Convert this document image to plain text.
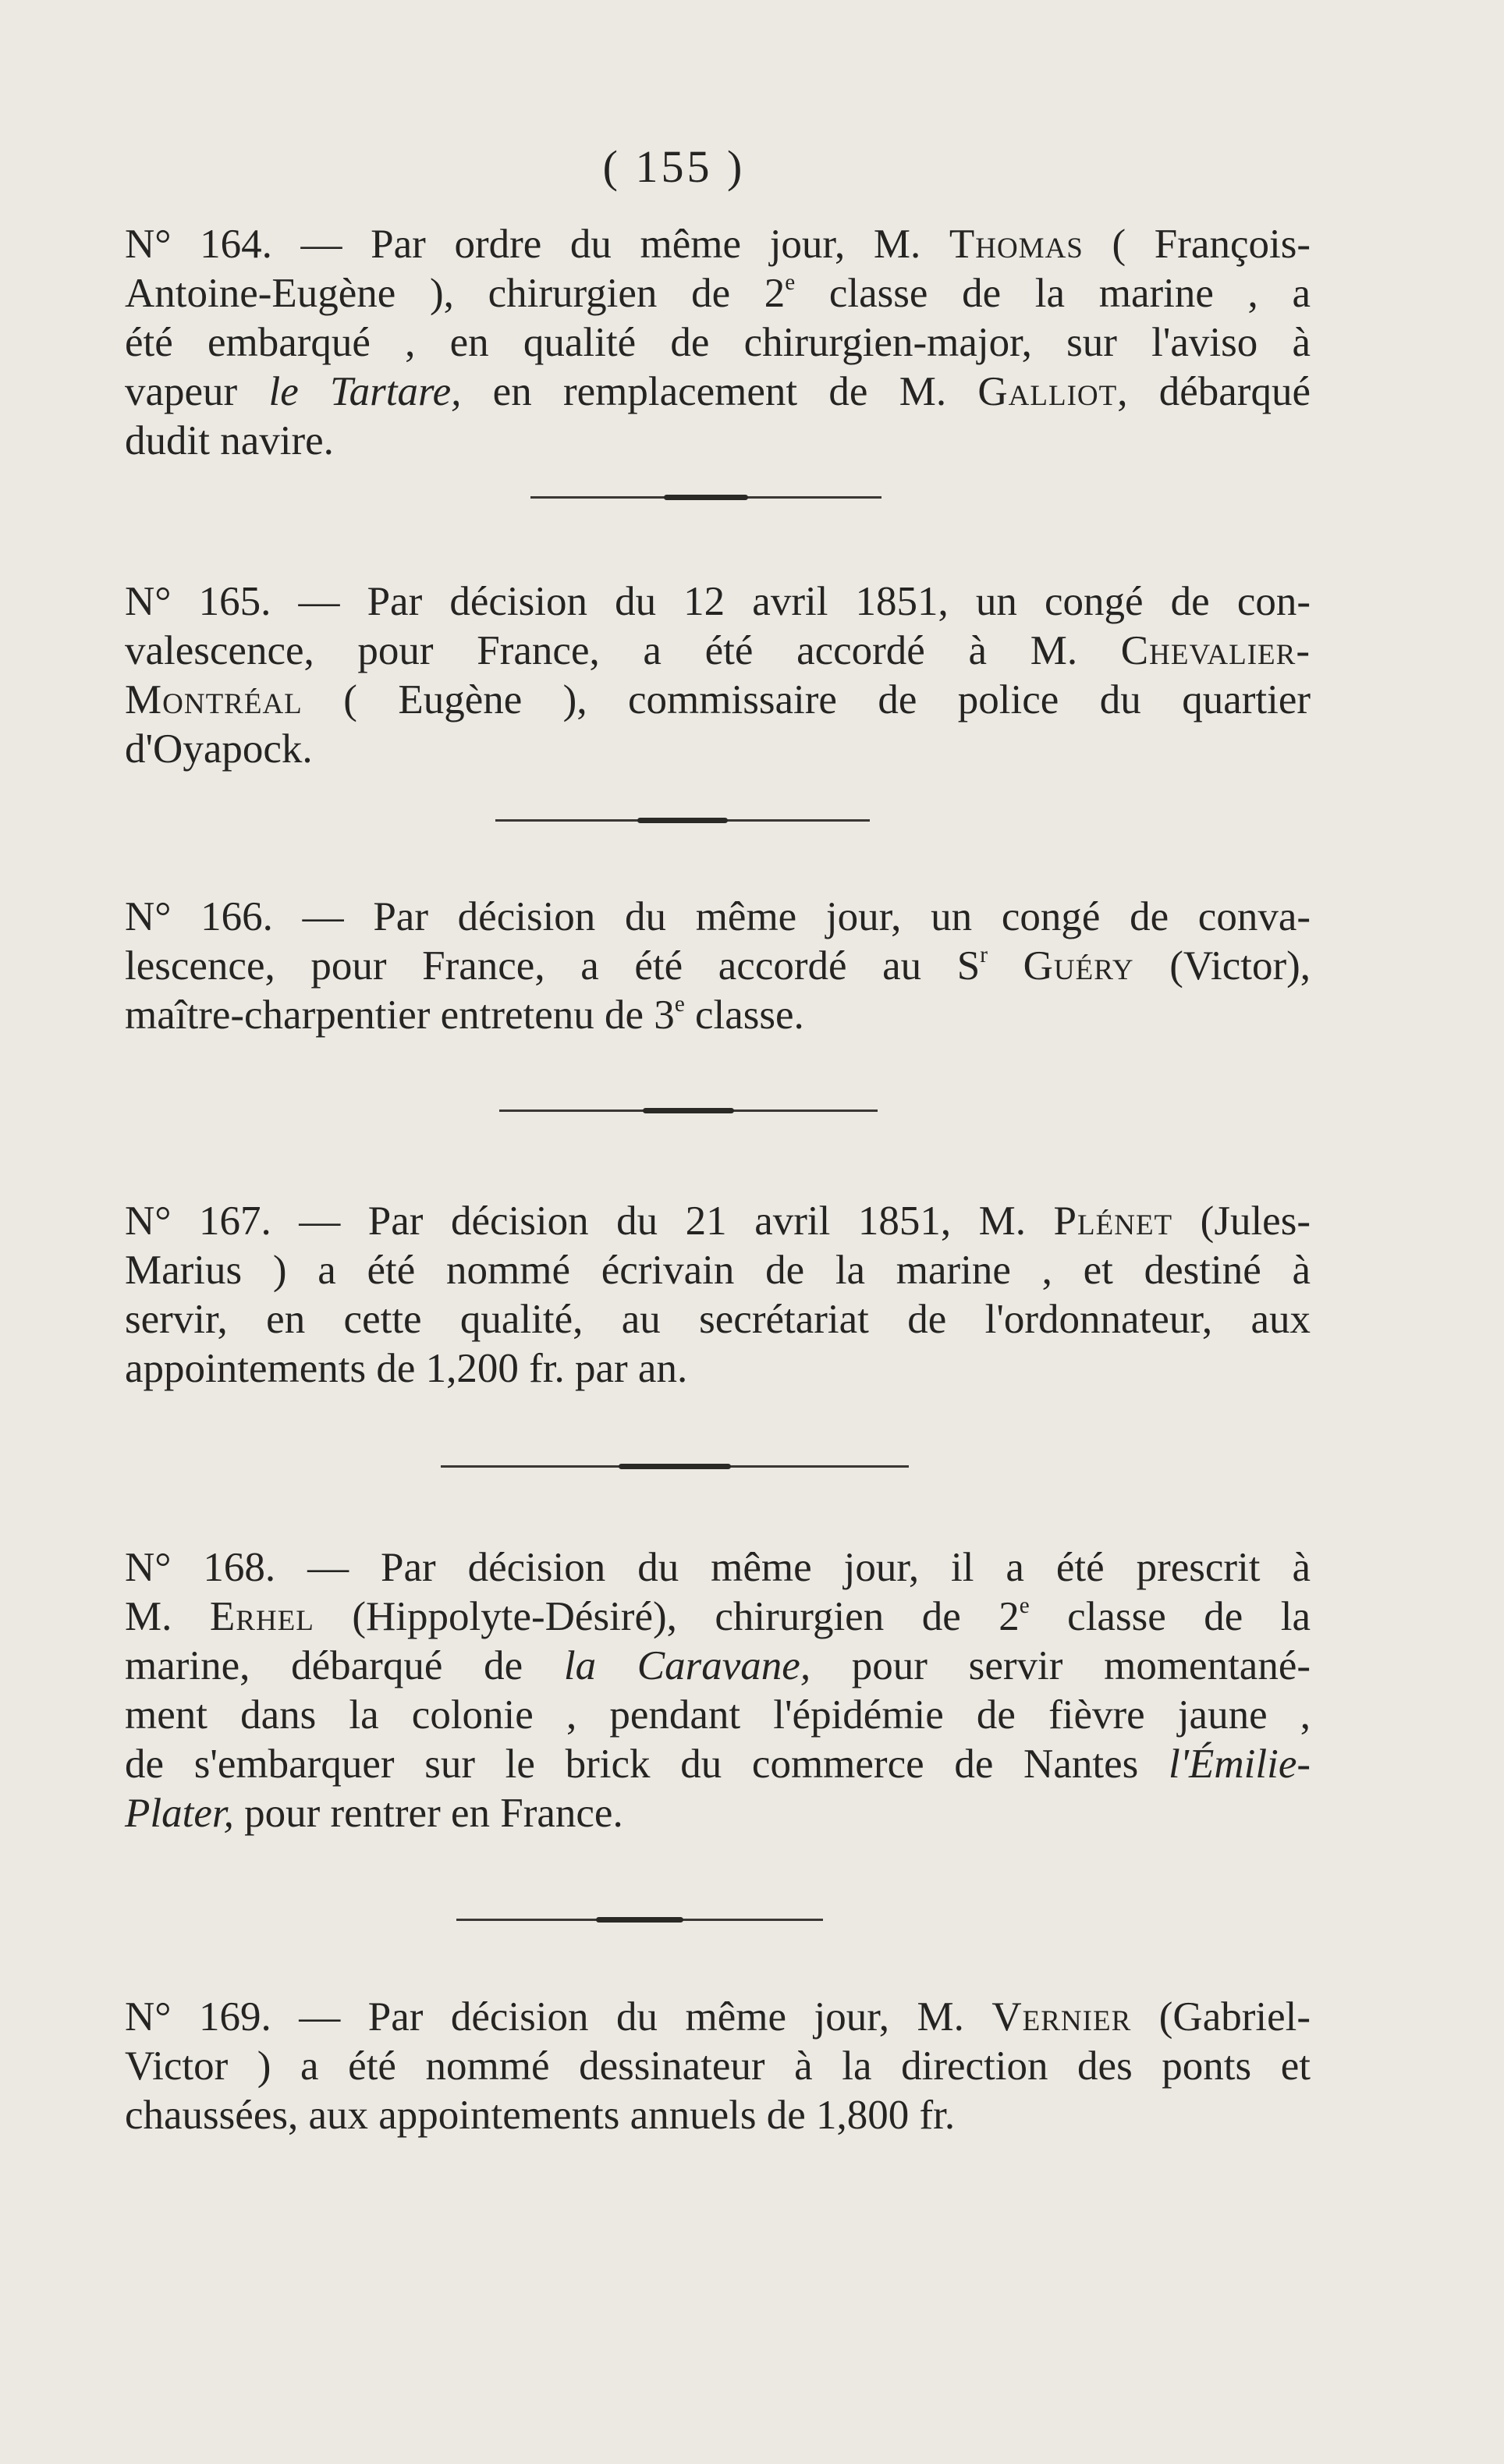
( 155 )
N° 164. — Par ordre du même jour, M. Thomas ( François-
Antoine-Eugène ), chirurgien de 2e classe de la marine , a
été embarqué , en qualité de chirurgien-major, sur l'aviso à
vapeur le Tartare, en remplacement de M. Galliot, débarqué
dudit navire.
N° 165. — Par décision du 12 avril 1851, un congé de con-
valescence, pour France, a été accordé à M. Chevalier-
Montréal ( Eugène ), commissaire de police du quartier
d'Oyapock.
N° 166. — Par décision du même jour, un congé de conva-
lescence, pour France, a été accordé au $S^r$ Guéry (Victor),
maître-charpentier entretenu de 3e classe.
N° 167. — Par décision du 21 avril 1851, M. Plénet (Jules-
Marius ) a été nommé écrivain de la marine , et destiné à
servir, en cette qualité, au secrétariat de l'ordonnateur, aux
appointements de 1,200 fr. par an.
N° 168. — Par décision du même jour, il a été prescrit à
M. Erhel (Hippolyte-Désiré), chirurgien de 2e classe de la
marine, débarqué de la Caravane, pour servir momentané-
ment dans la colonie , pendant l'épidémie de fièvre jaune ,
de s'embarquer sur le brick du commerce de Nantes l'Émilie-
Plater, pour rentrer en France.
N° 169. — Par décision du même jour, M. Vernier (Gabriel-
Victor ) a été nommé dessinateur à la direction des ponts et
chaussées, aux appointements annuels de 1,800 fr.
